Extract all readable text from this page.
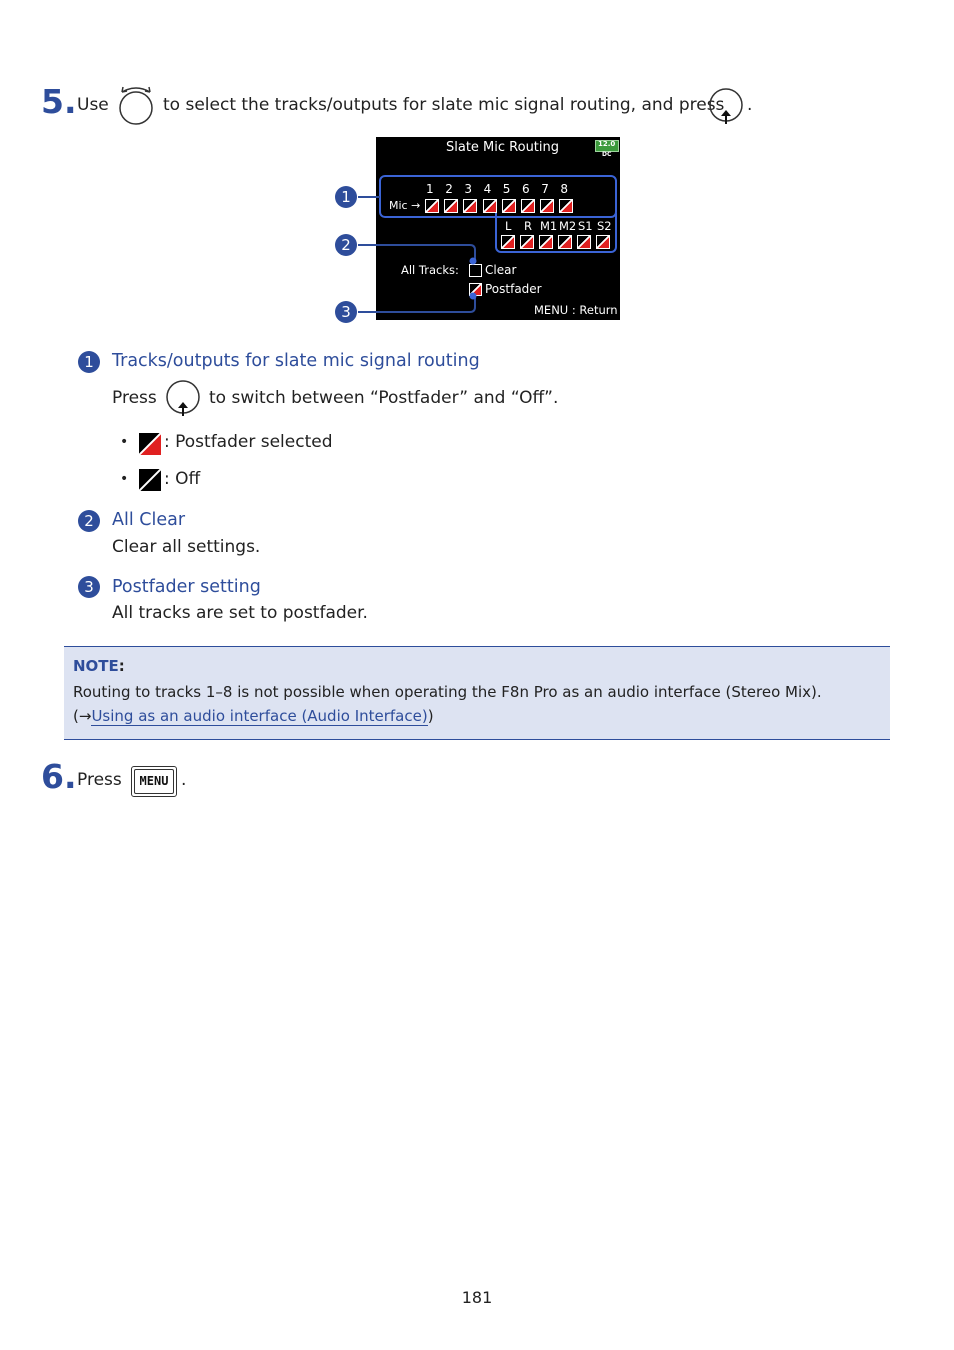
5. Use	to select the tracks/outputs for slate mic signal routing, and press .
Slate Mic Routing	12.0
DC
Mic →
All Tracks: Clear
Postfader
MENU : Return
1 2 3 4 5 6 7 8
L R M1 M2 S1 S2
1
2
3
1	Tracks/outputs for slate mic signal routing
Press	to switch between “Postfader” and “Off”.
• : Postfader selected
• : Off
2	All Clear
Clear all settings.
3	Postfader setting
All tracks are set to postfader.
NOTE:
Routing to tracks 1–8 is not possible when operating the F8n Pro as an audio interface (Stereo Mix). (→Using as an audio interface (Audio Interface))
6. Press	MENU .
181
